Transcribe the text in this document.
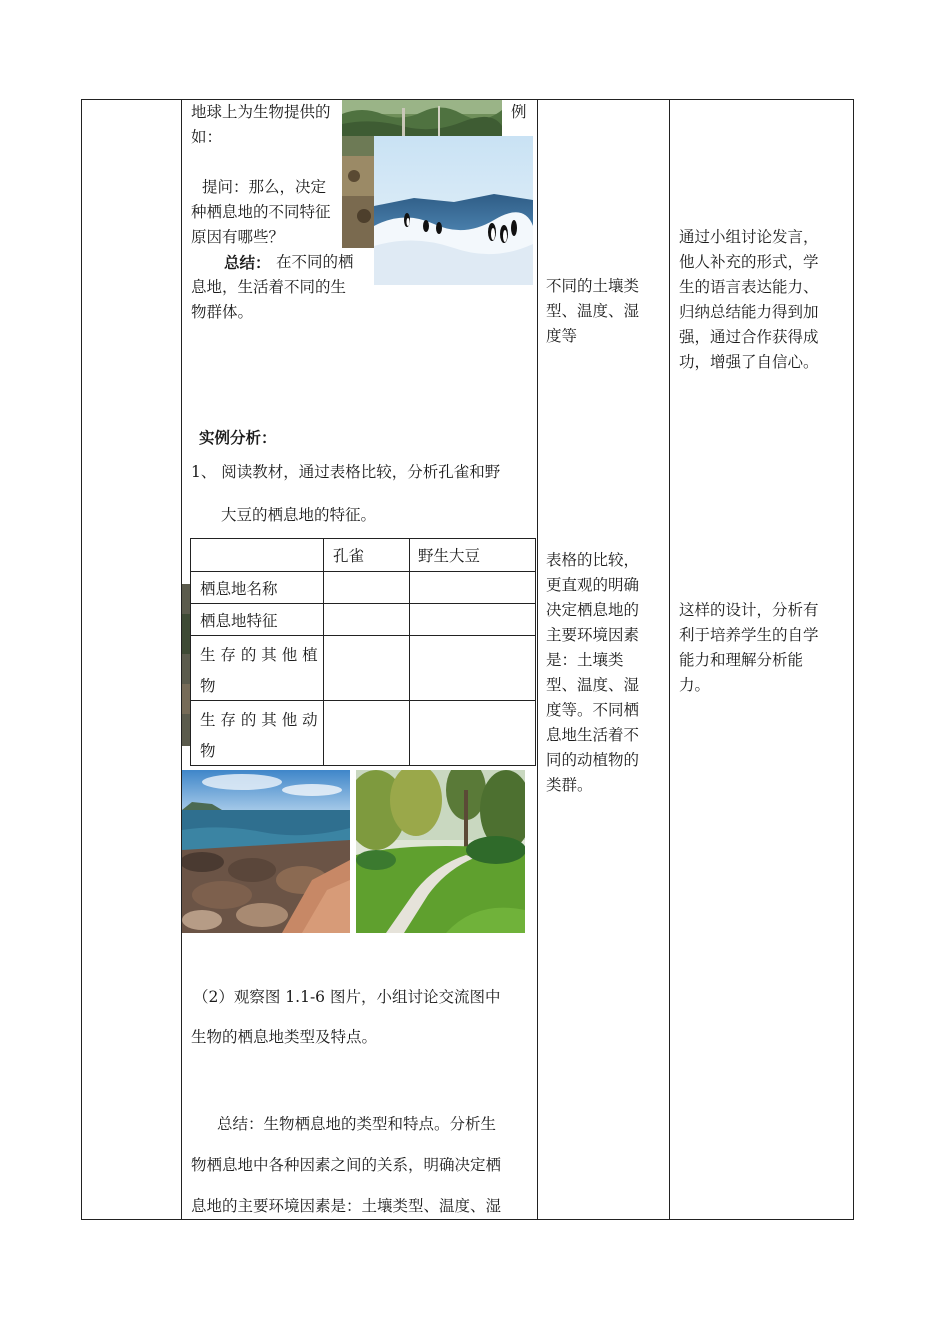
地球上为生物提供的	例
如：
提问：那么，决定
种栖息地的不同特征
原因有哪些？
总结： 在不同的栖
息地，生活着不同的生
物群体。
实例分析：
1、 阅读教材，通过表格比较，分析孔雀和野
大豆的栖息地的特征。
孔雀	野生大豆
栖息地名称
栖息地特征
生 存 的 其 他 植
物
生 存 的 其 他 动
物
（2）观察图 1.1-6 图片，小组讨论交流图中
生物的栖息地类型及特点。
总结：生物栖息地的类型和特点。分析生
物栖息地中各种因素之间的关系，明确决定栖
息地的主要环境因素是：土壤类型、温度、湿
不同的土壤类
型、温度、湿
度等
表格的比较，
更直观的明确
决定栖息地的
主要环境因素
是：土壤类
型、温度、湿
度等。不同栖
息地生活着不
同的动植物的
类群。
通过小组讨论发言，
他人补充的形式，学
生的语言表达能力、
归纳总结能力得到加
强，通过合作获得成
功，增强了自信心。
这样的设计，分析有
利于培养学生的自学
能力和理解分析能
力。
